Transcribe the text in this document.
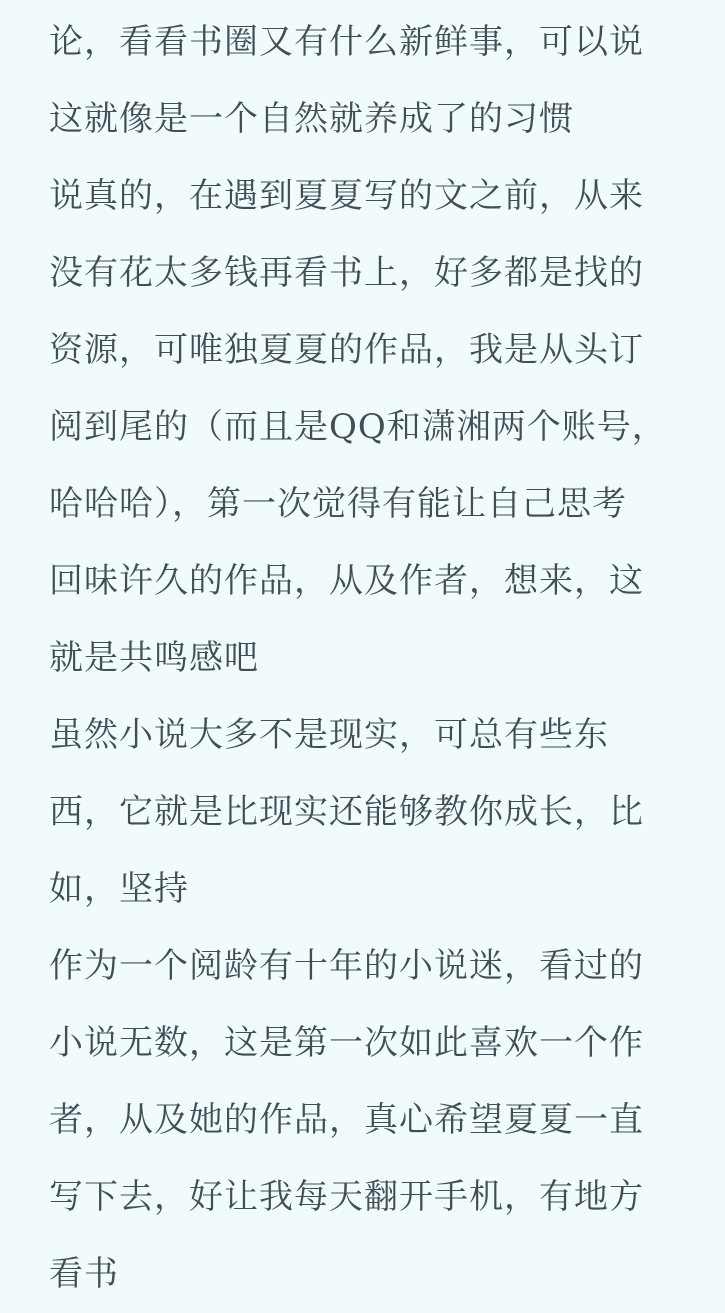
论，看看书圈又有什么新鲜事，可以说
这就像是一个自然就养成了的习惯
说真的，在遇到夏夏写的文之前，从来
没有花太多钱再看书上，好多都是找的
资源，可唯独夏夏的作品，我是从头订
阅到尾的（而且是QQ和潇湘两个账号，
哈哈哈），第一次觉得有能让自己思考
回味许久的作品，从及作者，想来，这
就是共鸣感吧
虽然小说大多不是现实，可总有些东
西，它就是比现实还能够教你成长，比
如，坚持
作为一个阅龄有十年的小说迷，看过的
小说无数，这是第一次如此喜欢一个作
者，从及她的作品，真心希望夏夏一直
写下去，好让我每天翻开手机，有地方
看书
